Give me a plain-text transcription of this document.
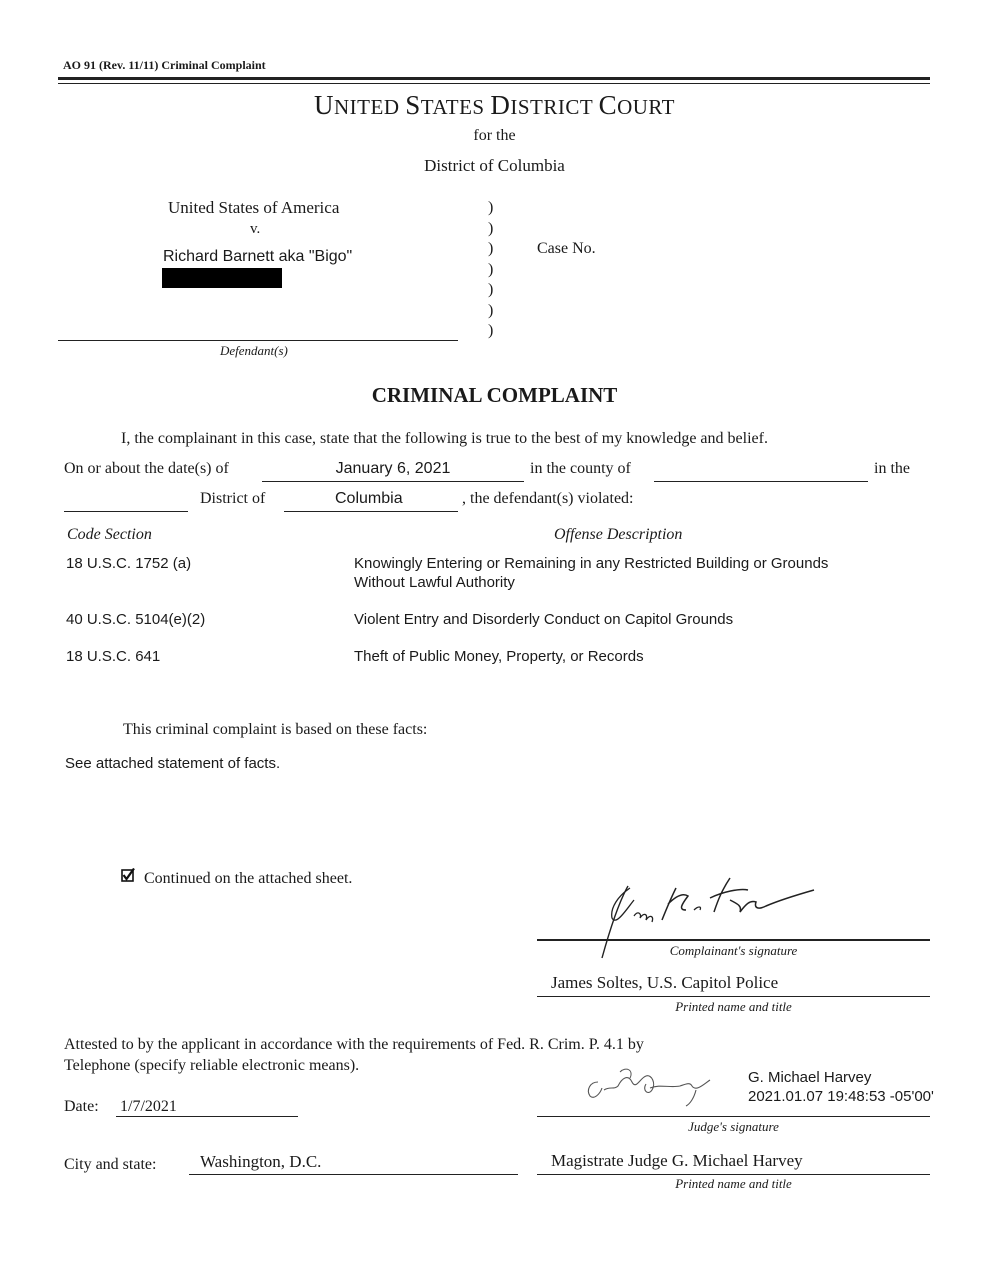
AO 91 (Rev. 11/11) Criminal Complaint
UNITED STATES DISTRICT COURT
for the
District of Columbia
United States of America
v.
Richard Barnett aka "Bigo"
Defendant(s)
)
)
)
)
)
)
)
Case No.
CRIMINAL COMPLAINT
I, the complainant in this case, state that the following is true to the best of my knowledge and belief.
On or about the date(s) of	January 6, 2021	in the county of	in the
District of	Columbia	, the defendant(s) violated:
Code Section	Offense Description
18 U.S.C. 1752 (a)	Knowingly Entering or Remaining in any Restricted Building or Grounds
Without Lawful Authority
40 U.S.C. 5104(e)(2)	Violent Entry and Disorderly Conduct on Capitol Grounds
18 U.S.C. 641	Theft of Public Money, Property, or Records
This criminal complaint is based on these facts:
See attached statement of facts.
Continued on the attached sheet.
Complainant's signature
James Soltes, U.S. Capitol Police
Printed name and title
Attested to by the applicant in accordance with the requirements of Fed. R. Crim. P. 4.1 by
Telephone (specify reliable electronic means).
Date: 1/7/2021
G. Michael Harvey
2021.01.07 19:48:53 -05'00'
Judge's signature
City and state:	Washington, D.C.	Magistrate Judge G. Michael Harvey
Printed name and title
